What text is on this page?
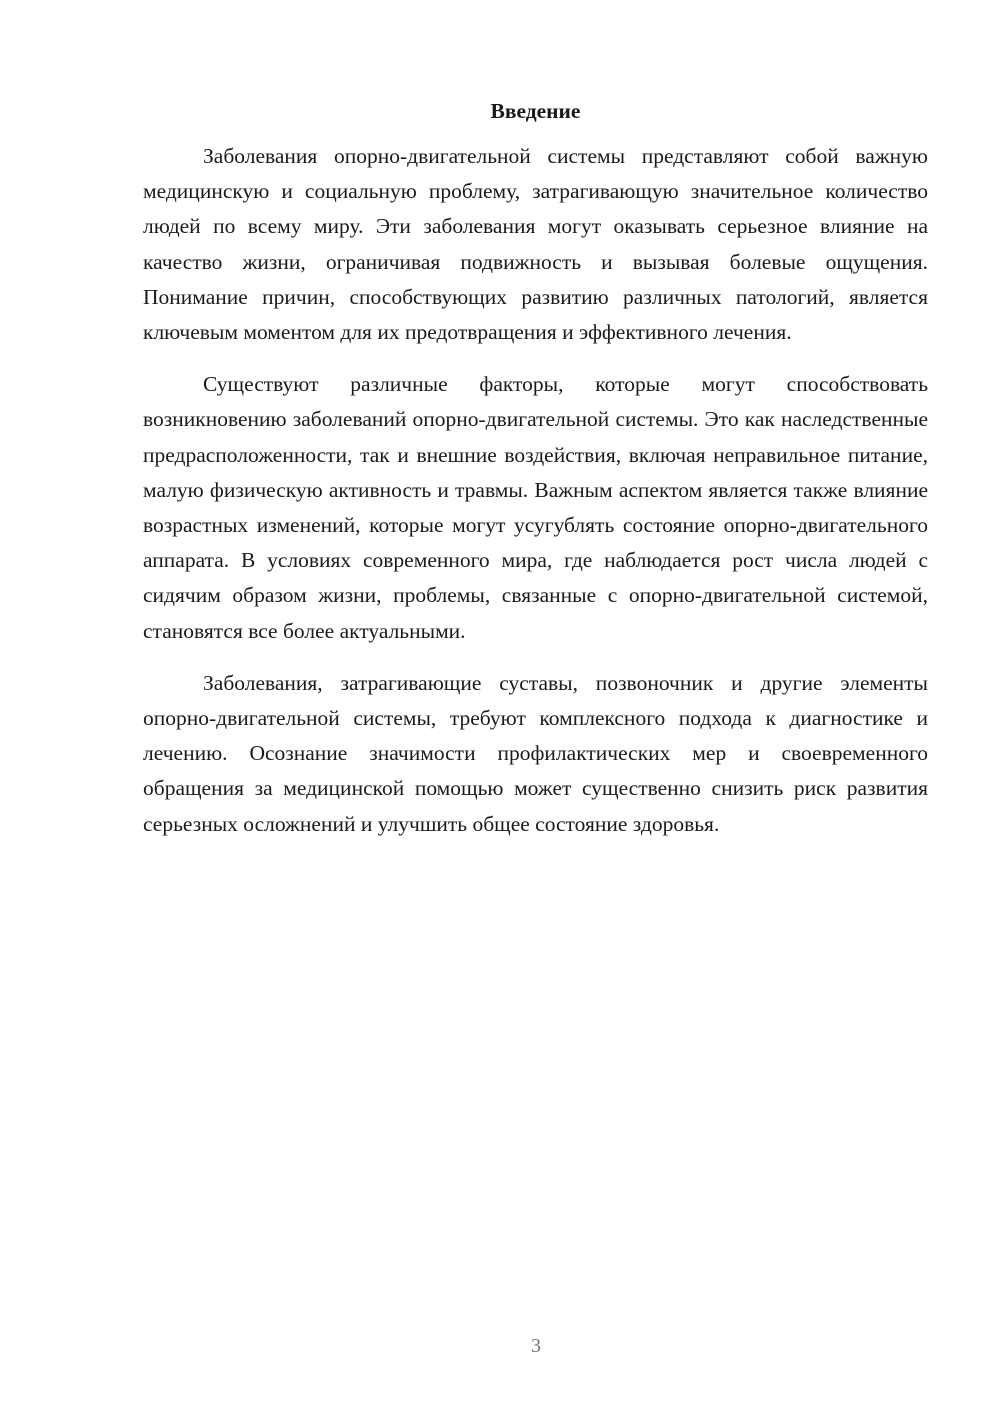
Введение

Заболевания опорно-двигательной системы представляют собой важную медицинскую и социальную проблему, затрагивающую значительное количество людей по всему миру. Эти заболевания могут оказывать серьезное влияние на качество жизни, ограничивая подвижность и вызывая болевые ощущения. Понимание причин, способствующих развитию различных патологий, является ключевым моментом для их предотвращения и эффективного лечения.

Существуют различные факторы, которые могут способствовать возникновению заболеваний опорно-двигательной системы. Это как наследственные предрасположенности, так и внешние воздействия, включая неправильное питание, малую физическую активность и травмы. Важным аспектом является также влияние возрастных изменений, которые могут усугублять состояние опорно-двигательного аппарата. В условиях современного мира, где наблюдается рост числа людей с сидячим образом жизни, проблемы, связанные с опорно-двигательной системой, становятся все более актуальными.

Заболевания, затрагивающие суставы, позвоночник и другие элементы опорно-двигательной системы, требуют комплексного подхода к диагностике и лечению. Осознание значимости профилактических мер и своевременного обращения за медицинской помощью может существенно снизить риск развития серьезных осложнений и улучшить общее состояние здоровья.

3
